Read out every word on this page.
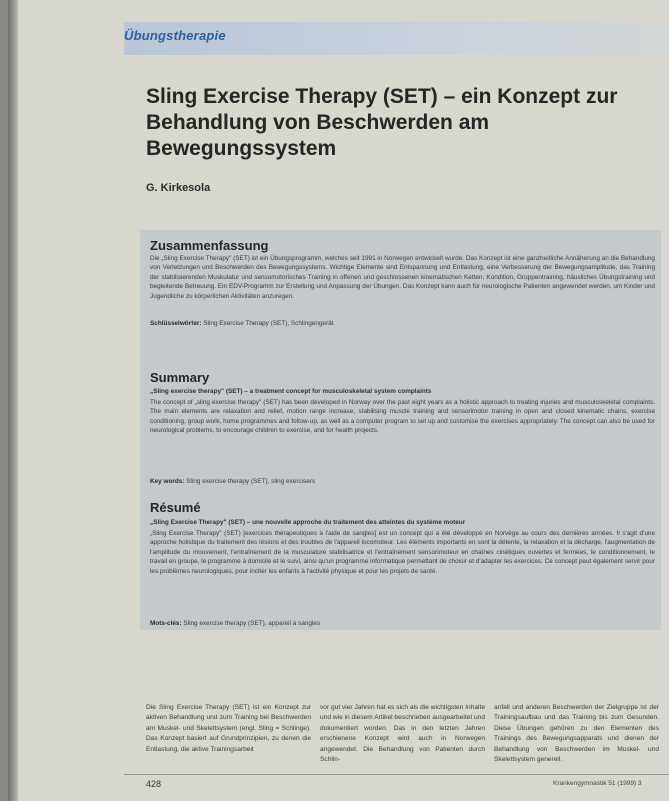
Übungstherapie
Sling Exercise Therapy (SET) – ein Konzept zur Behandlung von Beschwerden am Bewegungssystem
G. Kirkesola
Zusammenfassung
Die „Sling Exercise Therapy" (SET) ist ein Übungsprogramm, welches seit 1991 in Norwegen entwickelt wurde. Das Konzept ist eine ganzheitliche Annäherung an die Behandlung von Verletzungen und Beschwerden des Bewegungssystems. Wichtige Elemente sind Entspannung und Entlastung, eine Verbesserung der Bewegungsamplitude, das Training der stabilisierenden Muskulatur und sensomotorisches Training in offenen und geschlossenen kinematischen Ketten, Kondition, Gruppentraining, häusliches Übungstraining und begleitende Betreuung. Ein EDV-Programm zur Erstellung und Anpassung der Übungen. Das Konzept kann auch für neurologische Patienten angewendet werden, um Kinder und Jugendliche zu körperlichen Aktivitäten anzuregen.
Schlüsselwörter: Sling Exercise Therapy (SET), Schlingengerät
Summary
„Sling exercise therapy" (SET) – a treatment concept for musculoskeletal system complaints
The concept of „sling exercise therapy" (SET) has been developed in Norway over the past eight years as a holistic approach to treating injuries and musculoskeletal complaints. The main elements are relaxation and relief, motion range increase, stabilising muscle training and sensorimotor training in open and closed kinematic chains, exercise conditioning, group work, home programmes and follow-up, as well as a computer program to set up and customise the exercises appropriately. The concept can also be used for neurological problems, to encourage children to exercise, and for health projects.
Key words: Sling exercise therapy (SET), sling exercisers
Résumé
„Sling Exercise Therapy" (SET) – une nouvelle approche du traitement des atteintes du système moteur
„Sling Exercise Therapy" (SET) [exercices thérapeutiques à l'aide de sangles] est un concept qui a été développé en Norvège au cours des dernières années. Il s'agit d'une approche holistique du traitement des lésions et des troubles de l'appareil locomoteur. Les éléments importants en sont la détente, la relaxation et la décharge, l'augmentation de l'amplitude du mouvement, l'entraînement de la musculature stabilisatrice et l'entraînement sensorimoteur en chaînes cinétiques ouvertes et fermées, le conditionnement, le travail en groupe, le programme à domicile et le suivi, ainsi qu'un programme informatique permettant de choisir et d'adapter les exercices. Ce concept peut également servir pour les problèmes neurologiques, pour inciter les enfants à l'activité physique et pour les projets de santé.
Mots-clés: Sling exercise therapy (SET), appareil à sangles
Die Sling Exercise Therapy (SET) ist ein Konzept zur aktiven Behandlung und zum Training bei Beschwerden am Muskel- und Skelettsystem (engl. Sling = Schlinge). Das Konzept basiert auf Grundprinzipien, zu denen die Entlastung, die aktive Trainingsarbeit
vor gut vier Jahren hat es sich als die wichtigsten Inhalte und wie in diesem Artikel beschrieben ausgearbeitet und dokumentiert worden. Das in den letzten Jahren erschienene Konzept wird auch in Norwegen angewendet. Die Behandlung von Patienten durch Schlin-
anfall und anderen Beschwerden der Zielgruppe ist der Trainingsaufbau und das Training bis zum Gesunden. Diese Übungen gehören zu den Elementen des Trainings des Bewegungsapparats und dienen der Behandlung von Beschwerden im Muskel- und Skelettsystem generell.
428	Krankengymnastik 51 (1999) 3
